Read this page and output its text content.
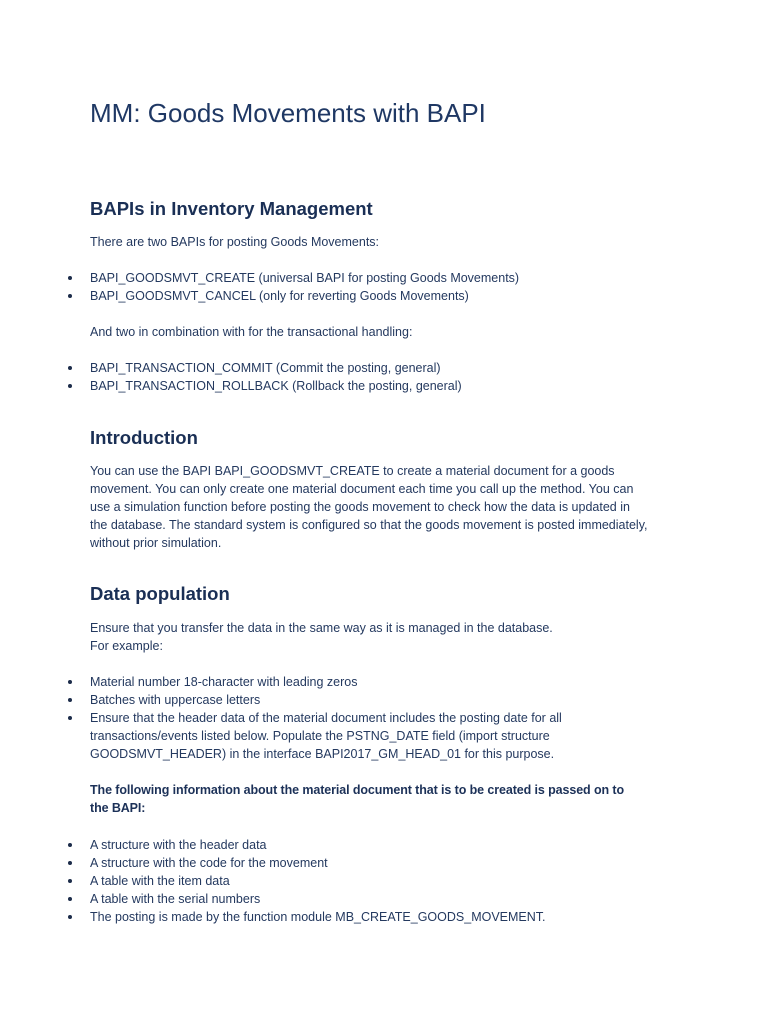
MM: Goods Movements with BAPI
BAPIs in Inventory Management
There are two BAPIs for posting Goods Movements:
BAPI_GOODSMVT_CREATE (universal BAPI for posting Goods Movements)
BAPI_GOODSMVT_CANCEL (only for reverting Goods Movements)
And two in combination with for the transactional handling:
BAPI_TRANSACTION_COMMIT (Commit the posting, general)
BAPI_TRANSACTION_ROLLBACK (Rollback the posting, general)
Introduction
You can use the BAPI BAPI_GOODSMVT_CREATE to create a material document for a goods
movement. You can only create one material document each time you call up the method. You can
use a simulation function before posting the goods movement to check how the data is updated in
the database. The standard system is configured so that the goods movement is posted immediately,
without prior simulation.
Data population
Ensure that you transfer the data in the same way as it is managed in the database.
For example:
Material number 18-character with leading zeros
Batches with uppercase letters
Ensure that the header data of the material document includes the posting date for all
transactions/events listed below. Populate the PSTNG_DATE field (import structure
GOODSMVT_HEADER) in the interface BAPI2017_GM_HEAD_01 for this purpose.
The following information about the material document that is to be created is passed on to
the BAPI:
A structure with the header data
A structure with the code for the movement
A table with the item data
A table with the serial numbers
The posting is made by the function module MB_CREATE_GOODS_MOVEMENT.
